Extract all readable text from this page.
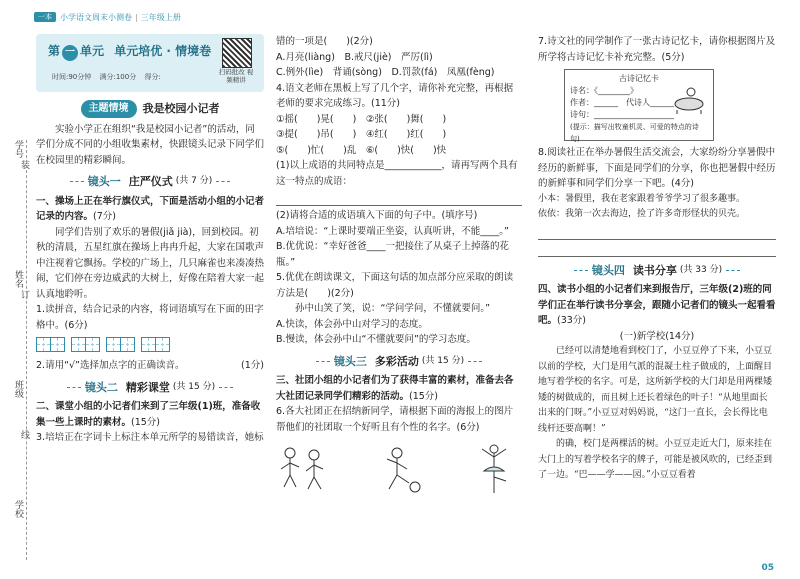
一本	小学语文周末小测卷 | 三年级上册
学号
姓名
订
班级
线
学校
装
第 一 单元 单元培优 · 情境卷
时间:90分钟 满分:100分 得分:
扫码批改 视频精讲
主题情境	我是校园小记者

实验小学正在组织“我是校园小记者”的活动，同学们分成不同的小组收集素材，快跟镜头记录下同学们在校园里的精彩瞬间。

镜头一 庄严仪式 (共 7 分)

一、操场上正在举行旗仪式，下面是活动小组的小记者记录的内容。(7分)

同学们告别了欢乐的暑假(jiǎ jià)，回到校园。初秋的清晨，五星红旗在操场上冉冉升起，大家在国歌声中注视着它飘扬。学校的广场上，几只麻雀也来凑凑热闹，它们停在旁边威武的大树上，好像在陪着大家一起认真地聆听。

1.读拼音，结合记录的内容，将词语填写在下面的田字格中。(6分)

2.请用“√”选择加点字的正确读音。	(1分)

镜头二 精彩课堂 (共 15 分)

二、课堂小组的小记者们来到了三年级(1)班，准备收集一些上课时的素材。(15分)

3.培培正在字词卡上标注本单元所学的易错读音，她标

错的一项是(　　)(2分)

A.月亮(liàng)　 B.戒尺(jiè)　严厉(lì)

C.例外(lìe)　背诵(sòng)　 D.罚款(fá)　凤凰(fèng)

4.语文老师在黑板上写了几个字，请你补充完整，再根据老师的要求完成练习。(11分)

①摇(　　)晃(　　)　②张(　　)舞(　　)

③提(　　)吊(　　)　④红(　　)红(　　)

⑤(　　)忙(　　)乱　⑥(　　)快(　　)快

(1)以上成语的共同特点是____________，请再写两个具有这一特点的成语：

(2)请将合适的成语填入下面的句子中。(填序号)

A.培培说：“上课时要端正坐姿，认真听讲，不能____。”

B.优优说：“幸好爸爸____一把接住了从桌子上掉落的花瓶。”

5.优优在朗读课文，下面这句话的加点部分应采取的朗读方法是(　　)(2分)

孙中山笑了笑，说：“学问学问，不懂就要问。”

A.快读，体会孙中山对学习的态度。

B.慢读，体会孙中山“不懂就要问”的学习态度。

镜头三 多彩活动 (共 15 分)

三、社团小组的小记者们为了获得丰富的素材，准备去各大社团记录同学们精彩的活动。(15分)

6.各大社团正在招纳新同学，请根据下面的海报上的图片帮他们的社团取一个好听且有个性的名字。(6分)

7.诗文社的同学制作了一张古诗记忆卡，请你根据图片及所学将古诗记忆卡补充完整。(5分)

古诗记忆卡
诗名：《________》
作者：______　代诗人______
诗句：____________________
(提示：描写出牧童机灵、可爱的特点的诗句)

8.阅读社正在举办暑假生活交流会，大家纷纷分享暑假中经历的新鲜事，下面是同学们的分享，你也把暑假中经历的新鲜事和同学们分享一下吧。(4分)

小本：暑假里，我在老家跟着爷爷学习了很多趣事。

依依：我第一次去海边，捡了许多奇形怪状的贝壳。

镜头四 读书分享 (共 33 分)

四、读书小组的小记者们来到报告厅，三年级(2)班的同学们正在举行读书分享会，跟随小记者们的镜头一起看看吧。(33分)

(一)新学校(14分)

已经可以清楚地看到校门了，小豆豆停了下来，小豆豆以前的学校，大门是用气派的混凝土柱子做成的，上面醒目地写着学校的名字。可是，这所新学校的大门却是用两棵矮矮的树做成的，而且树上还长着绿色的叶子！“从地里面长出来的门呀。”小豆豆对妈妈说，“这门一直长，会长得比电线杆还要高啊！”

的确，校门是两棵活的树。小豆豆走近大门，原来挂在大门上的写着学校名字的牌子，可能是被风吹的，已经歪到了一边。“巴——学——园。”小豆豆看着

05
